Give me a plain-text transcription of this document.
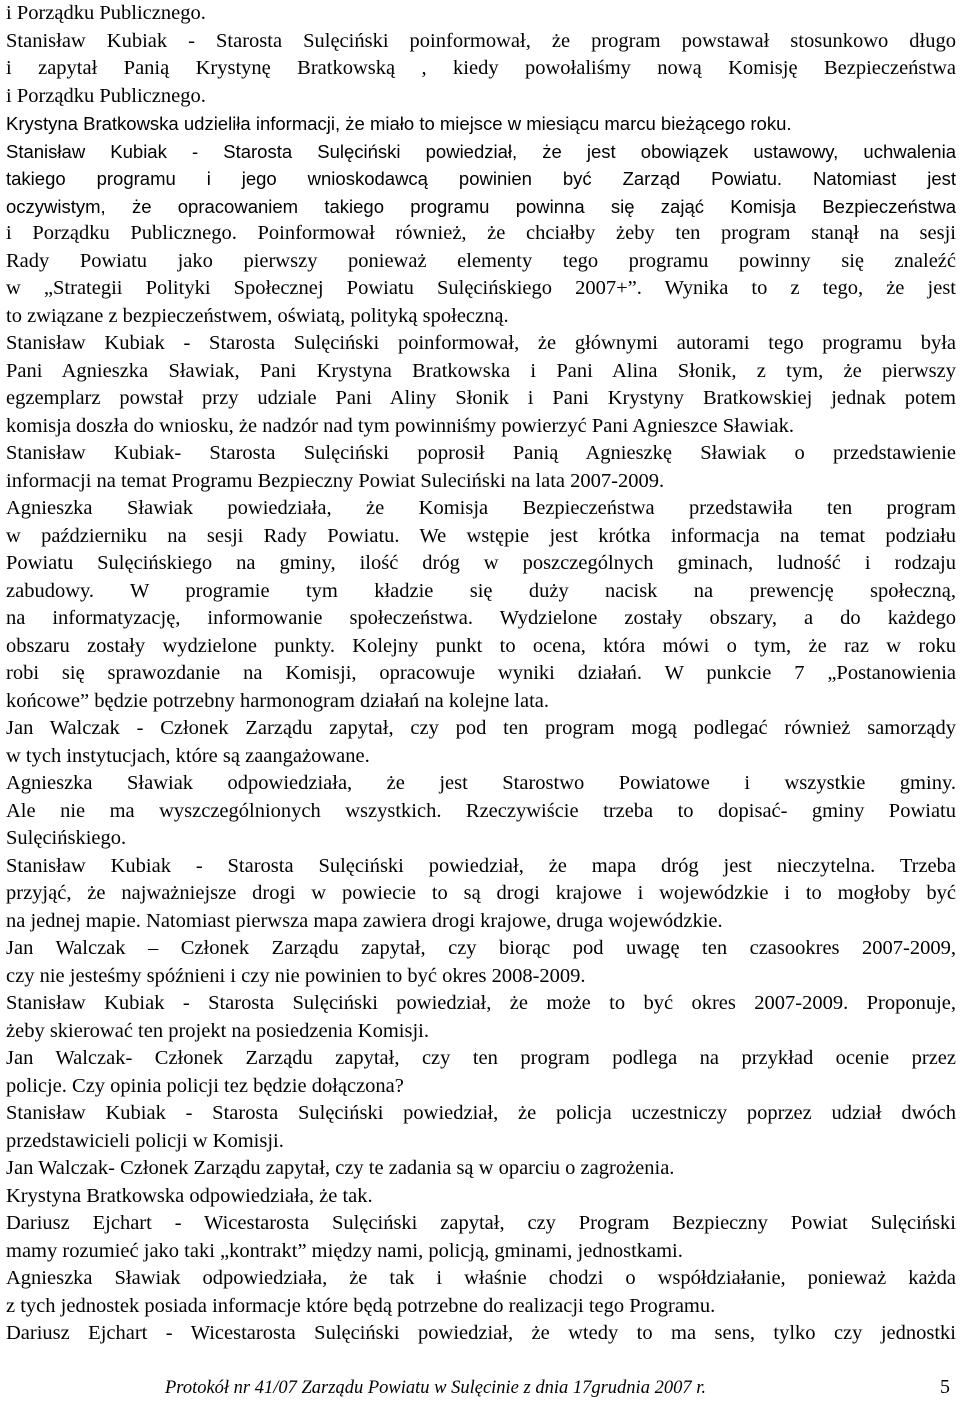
i Porządku Publicznego.
Stanisław Kubiak - Starosta Sulęciński poinformował, że program powstawał stosunkowo długo
i zapytał Panią Krystynę Bratkowską , kiedy powołaliśmy nową Komisję Bezpieczeństwa
i Porządku Publicznego.
Krystyna Bratkowska udzieliła informacji, że miało to miejsce w miesiącu marcu bieżącego roku.
Stanisław Kubiak - Starosta Sulęciński powiedział, że jest obowiązek ustawowy, uchwalenia
takiego programu i jego wnioskodawcą powinien być Zarząd Powiatu. Natomiast jest
oczywistym, że opracowaniem takiego programu powinna się zająć Komisja Bezpieczeństwa
i Porządku Publicznego. Poinformował również, że chciałby żeby ten program stanął na sesji
Rady Powiatu jako pierwszy ponieważ elementy tego programu powinny się znaleźć
w „Strategii Polityki Społecznej Powiatu Sulęcińskiego 2007+”. Wynika to z tego, że jest
to związane z bezpieczeństwem, oświatą, polityką społeczną.
Stanisław Kubiak - Starosta Sulęciński poinformował, że głównymi autorami tego programu była
Pani Agnieszka Sławiak, Pani Krystyna Bratkowska i Pani Alina Słonik, z tym, że pierwszy
egzemplarz powstał przy udziale Pani Aliny Słonik i Pani Krystyny Bratkowskiej jednak potem
komisja doszła do wniosku, że nadzór nad tym powinniśmy powierzyć Pani Agnieszce Sławiak.
Stanisław Kubiak- Starosta Sulęciński poprosił Panią Agnieszkę Sławiak o przedstawienie
informacji na temat Programu Bezpieczny Powiat Suleciński na lata 2007-2009.
Agnieszka Sławiak powiedziała, że Komisja Bezpieczeństwa przedstawiła ten program
w październiku na sesji Rady Powiatu. We wstępie jest krótka informacja na temat podziału
Powiatu Sulęcińskiego na gminy, ilość dróg w poszczególnych gminach, ludność i rodzaju
zabudowy. W programie tym kładzie się duży nacisk na prewencję społeczną,
na informatyzację, informowanie społeczeństwa. Wydzielone zostały obszary, a do każdego
obszaru zostały wydzielone punkty. Kolejny punkt to ocena, która mówi o tym, że raz w roku
robi się sprawozdanie na Komisji, opracowuje wyniki działań. W punkcie 7 „Postanowienia
końcowe” będzie potrzebny harmonogram działań na kolejne lata.
Jan Walczak - Członek Zarządu zapytał, czy pod ten program mogą podlegać również samorządy
w tych instytucjach, które są zaangażowane.
Agnieszka Sławiak odpowiedziała, że jest Starostwo Powiatowe i wszystkie gminy.
Ale nie ma wyszczególnionych wszystkich. Rzeczywiście trzeba to dopisać- gminy Powiatu
Sulęcińskiego.
Stanisław Kubiak - Starosta Sulęciński powiedział, że mapa dróg jest nieczytelna. Trzeba
przyjąć, że najważniejsze drogi w powiecie to są drogi krajowe i wojewódzkie i to mogłoby być
na jednej mapie. Natomiast pierwsza mapa zawiera drogi krajowe, druga wojewódzkie.
Jan Walczak – Członek Zarządu zapytał, czy biorąc pod uwagę ten czasookres 2007-2009,
czy nie jesteśmy spóźnieni i czy nie powinien to być okres 2008-2009.
Stanisław Kubiak - Starosta Sulęciński powiedział, że może to być okres 2007-2009. Proponuje,
żeby skierować ten projekt na posiedzenia Komisji.
Jan Walczak- Członek Zarządu zapytał, czy ten program podlega na przykład ocenie przez
policje. Czy opinia policji tez będzie dołączona?
Stanisław Kubiak - Starosta Sulęciński powiedział, że policja uczestniczy poprzez udział dwóch
przedstawicieli policji w Komisji.
Jan Walczak- Członek Zarządu zapytał, czy te zadania są w oparciu o zagrożenia.
Krystyna Bratkowska odpowiedziała, że tak.
Dariusz Ejchart - Wicestarosta Sulęciński zapytał, czy Program Bezpieczny Powiat Sulęciński
mamy rozumieć jako taki „kontrakt” między nami, policją, gminami, jednostkami.
Agnieszka Sławiak odpowiedziała, że tak i właśnie chodzi o współdziałanie, ponieważ każda
z tych jednostek posiada informacje które będą potrzebne do realizacji tego Programu.
Dariusz Ejchart - Wicestarosta Sulęciński powiedział, że wtedy to ma sens, tylko czy jednostki
Protokół nr 41/07 Zarządu Powiatu w Sulęcinie z dnia 17grudnia 2007 r.	5
